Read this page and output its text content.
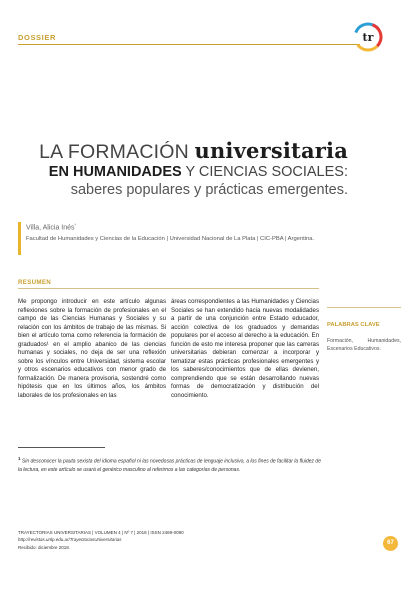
DOSSIER	tr
LA FORMACIÓN universitaria
EN HUMANIDADES Y CIENCIAS SOCIALES:
saberes populares y prácticas emergentes.
Villa, Alicia Inés*
Facultad de Humanidades y Ciencias de la Educación | Universidad Nacional de La Plata | CIC-PBA | Argentina.
RESUMEN
Me propongo introducir en este artículo algunas reflexiones sobre la formación de profesionales en el campo de las Ciencias Humanas y Sociales y su relación con los ámbitos de trabajo de las mismas. Si bien el artículo toma como referencia la formación de graduados¹ en el amplio abanico de las ciencias humanas y sociales, no deja de ser una reflexión sobre los vínculos entre Universidad, sistema escolar y otros escenarios educativos con menor grado de formalización. De manera provisoria, sostendré como hipótesis que en los últimos años, los ámbitos laborales de los profesionales en las
áreas correspondientes a las Humanidades y Ciencias Sociales se han extendido hacia nuevas modalidades a partir de una conjunción entre Estado educador, acción colectiva de los graduados y demandas populares por el acceso al derecho a la educación. En función de esto me interesa proponer que las carreras universitarias debieran comenzar a incorporar y tematizar estas prácticas profesionales emergentes y los saberes/conocimientos que de ellas devienen, comprendiendo que se están desarrollando nuevas formas de democratización y distribución del conocimiento.
PALABRAS CLAVE
Formación, Humanidades, Escenarios Educativos.
$^1$ Sin desconocer la pauta sexista del idioma español ni las novedosas prácticas de lenguaje inclusivo, a los fines de facilitar la fluidez de la lectura, en este artículo se usará el genérico masculino al referirnos a las categorías de personas.
TRAYECTORIAS UNIVERSITARIAS | VOLUMEN 4 | Nº 7 | 2018 | ISSN 2469-0090
http://revistas.unlp.edu.ar/TrayectoriasUniversitarias
Recibido: diciembre 2018.
67
